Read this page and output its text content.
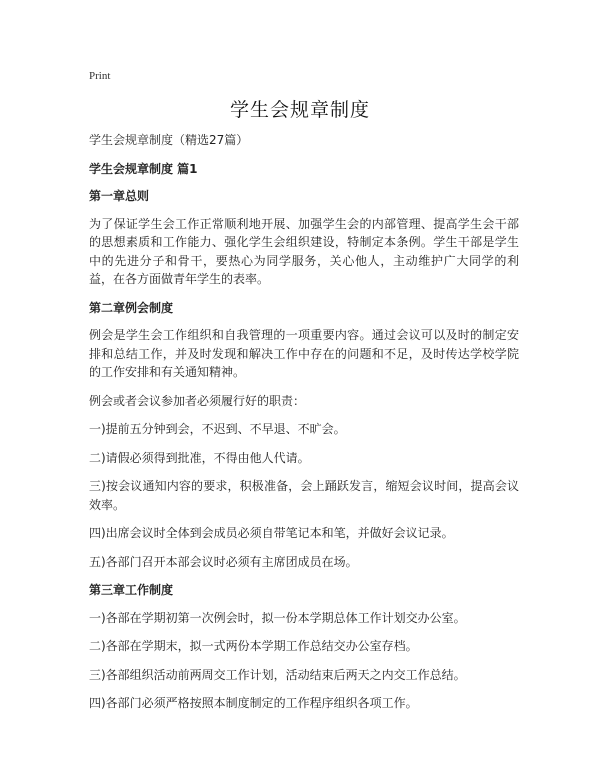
Print
学生会规章制度

学生会规章制度（精选27篇）

学生会规章制度 篇1

第一章总则

为了保证学生会工作正常顺利地开展、加强学生会的内部管理、提高学生会干部的思想素质和工作能力、强化学生会组织建设，特制定本条例。学生干部是学生中的先进分子和骨干，要热心为同学服务，关心他人，主动维护广大同学的利益，在各方面做青年学生的表率。

第二章例会制度

例会是学生会工作组织和自我管理的一项重要内容。通过会议可以及时的制定安排和总结工作，并及时发现和解决工作中存在的问题和不足，及时传达学校学院的工作安排和有关通知精神。

例会或者会议参加者必须履行好的职责：

一)提前五分钟到会，不迟到、不早退、不旷会。

二)请假必须得到批准，不得由他人代请。

三)按会议通知内容的要求，积极准备，会上踊跃发言，缩短会议时间，提高会议效率。

四)出席会议时全体到会成员必须自带笔记本和笔，并做好会议记录。

五)各部门召开本部会议时必须有主席团成员在场。

第三章工作制度

一)各部在学期初第一次例会时，拟一份本学期总体工作计划交办公室。

二)各部在学期末，拟一式两份本学期工作总结交办公室存档。

三)各部组织活动前两周交工作计划，活动结束后两天之内交工作总结。

四)各部门必须严格按照本制度制定的工作程序组织各项工作。
